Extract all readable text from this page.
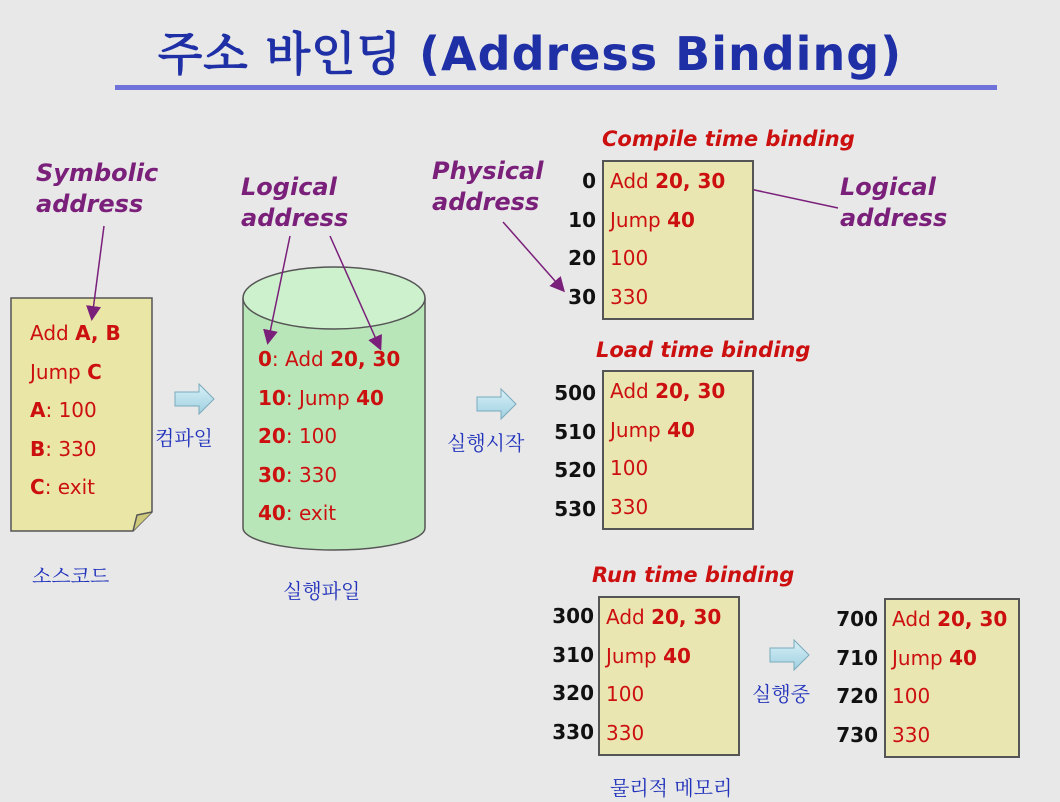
주소 바인딩 (Address Binding)
Symbolic
address
Logical
address
Physical
address
Logical
address
Add A, B
Jump C
A: 100
B: 330
C: exit
0: Add 20, 30
10: Jump 40
20: 100
30: 330
40: exit
컴파일	실행시작
실행중
소스코드
실행파일
물리적 메모리
Compile time binding
Load time binding
Run time binding
0
10
20
30
Add 20, 30
Jump 40
100
330
500
510
520
530
Add 20, 30
Jump 40
100
330
300
310
320
330
Add 20, 30
Jump 40
100
330
700
710
720
730
Add 20, 30
Jump 40
100
330
